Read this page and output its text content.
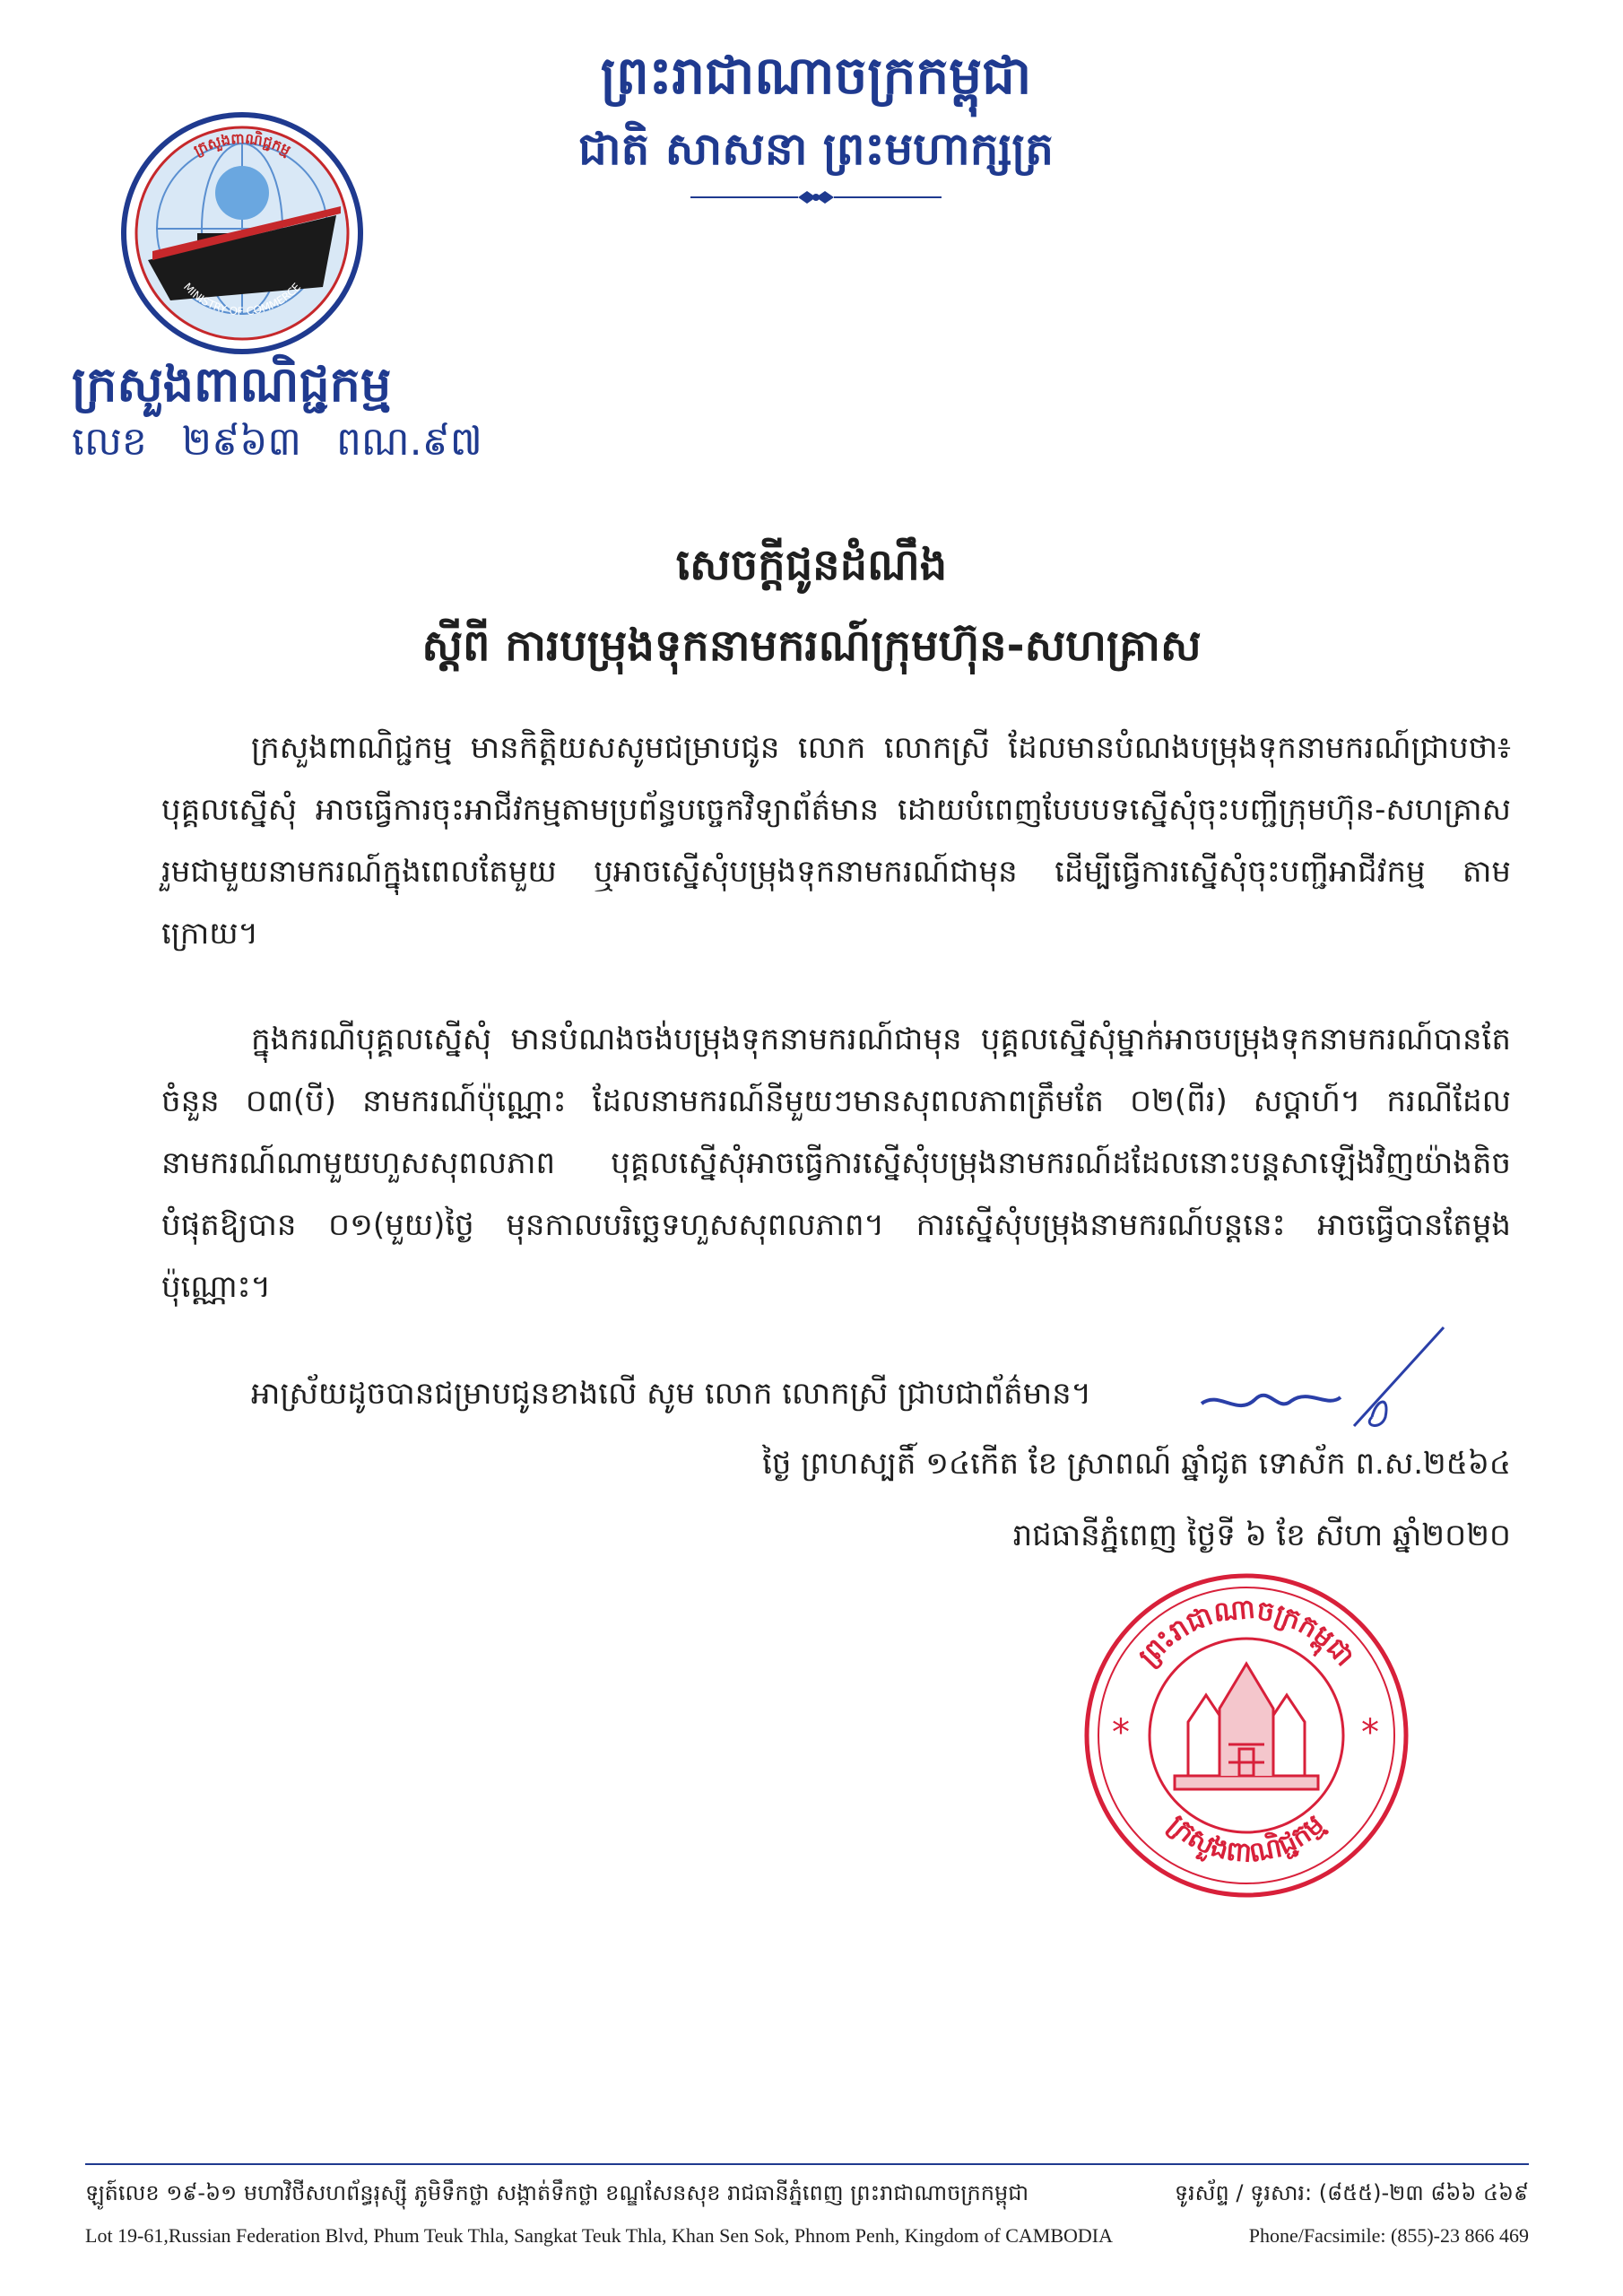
ព្រះរាជាណាចក្រកម្ពុជា
ជាតិ សាសនា ព្រះមហាក្សត្រ
ក្រសួងពាណិជ្ជកម្ម
MINISTRY OF COMMERCE
ក្រសួងពាណិជ្ជកម្ម
លេខ ២៩៦៣ ពណ.៩៧
សេចក្តីជូនដំណឹង
ស្តីពី ការបម្រុងទុកនាមករណ៍ក្រុមហ៊ុន-សហគ្រាស
ក្រសួងពាណិជ្ជកម្ម មានកិត្តិយសសូមជម្រាបជូន លោក លោកស្រី ដែលមានបំណងបម្រុងទុកនាមករណ៍ជ្រាបថា៖ បុគ្គលស្នើសុំ អាចធ្វើការចុះអាជីវកម្មតាមប្រព័ន្ធបច្ចេកវិទ្យាព័ត៌មាន ដោយបំពេញបែបបទស្នើសុំចុះបញ្ជីក្រុមហ៊ុន-សហគ្រាសរួមជាមួយនាមករណ៍ក្នុងពេលតែមួយ ឬអាចស្នើសុំបម្រុងទុកនាមករណ៍ជាមុន ដើម្បីធ្វើការស្នើសុំចុះបញ្ជីអាជីវកម្ម តាមក្រោយ។
ក្នុងករណីបុគ្គលស្នើសុំ មានបំណងចង់បម្រុងទុកនាមករណ៍ជាមុន បុគ្គលស្នើសុំម្នាក់អាចបម្រុងទុកនាមករណ៍បានតែចំនួន ០៣(បី) នាមករណ៍ប៉ុណ្ណោះ ដែលនាមករណ៍នីមួយៗមានសុពលភាពត្រឹមតែ ០២(ពីរ) សប្តាហ៍។ ករណីដែលនាមករណ៍ណាមួយហួសសុពលភាព បុគ្គលស្នើសុំអាចធ្វើការស្នើសុំបម្រុងនាមករណ៍ដដែលនោះបន្តសាឡើងវិញយ៉ាងតិចបំផុតឱ្យបាន ០១(មួយ)ថ្ងៃ មុនកាលបរិច្ឆេទហួសសុពលភាព។ ការស្នើសុំបម្រុងនាមករណ៍បន្តនេះ អាចធ្វើបានតែម្តងប៉ុណ្ណោះ។
អាស្រ័យដូចបានជម្រាបជូនខាងលើ សូម លោក លោកស្រី ជ្រាបជាព័ត៌មាន។
ថ្ងៃ ព្រហស្បតិ៍ ១៤កើត ខែ ស្រាពណ៍ ឆ្នាំជូត ទោស័ក ព.ស.២៥៦៤
រាជធានីភ្នំពេញ ថ្ងៃទី ៦ ខែ សីហា ឆ្នាំ២០២០
ព្រះរាជាណាចក្រកម្ពុជា
ក្រសួងពាណិជ្ជកម្ម
*	*
ឡូត៍លេខ ១៩-៦១ មហាវិថីសហព័ន្ធរុស្ស៊ី ភូមិទឹកថ្លា សង្កាត់ទឹកថ្លា ខណ្ឌសែនសុខ រាជធានីភ្នំពេញ ព្រះរាជាណាចក្រកម្ពុជា	ទូរស័ព្ទ / ទូរសារ: (៨៥៥)-២៣ ៨៦៦ ៤៦៩
Lot 19-61,Russian Federation Blvd, Phum Teuk Thla, Sangkat Teuk Thla, Khan Sen Sok, Phnom Penh, Kingdom of CAMBODIA	Phone/Facsimile: (855)-23 866 469
